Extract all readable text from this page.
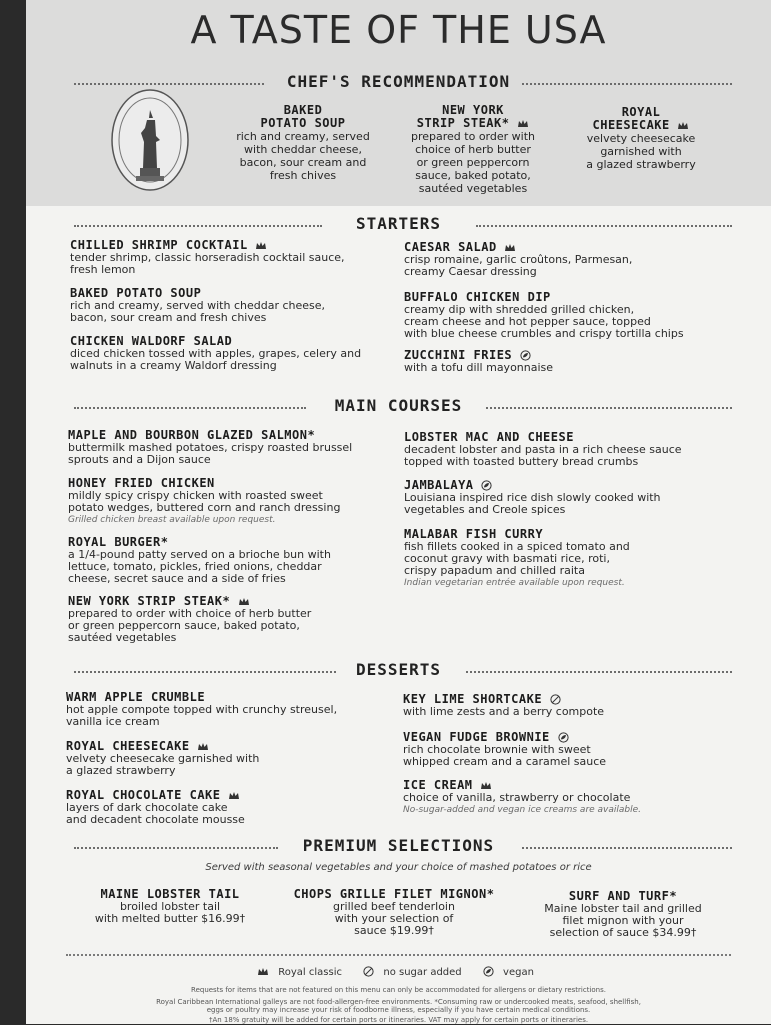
A TASTE OF THE USA
CHEF'S RECOMMENDATION
BAKED
POTATO SOUP
rich and creamy, served
with cheddar cheese,
bacon, sour cream and
fresh chives
NEW YORK
STRIP STEAK*
prepared to order with
choice of herb butter
or green peppercorn
sauce, baked potato,
sautéed vegetables
ROYAL
CHEESECAKE
velvety cheesecake
garnished with
a glazed strawberry
STARTERS
CHILLED SHRIMP COCKTAIL
tender shrimp, classic horseradish cocktail sauce,
fresh lemon
BAKED POTATO SOUP
rich and creamy, served with cheddar cheese,
bacon, sour cream and fresh chives
CHICKEN WALDORF SALAD
diced chicken tossed with apples, grapes, celery and
walnuts in a creamy Waldorf dressing
CAESAR SALAD
crisp romaine, garlic croûtons, Parmesan,
creamy Caesar dressing
BUFFALO CHICKEN DIP
creamy dip with shredded grilled chicken,
cream cheese and hot pepper sauce, topped
with blue cheese crumbles and crispy tortilla chips
ZUCCHINI FRIES
with a tofu dill mayonnaise
MAIN COURSES
MAPLE AND BOURBON GLAZED SALMON*
buttermilk mashed potatoes, crispy roasted brussel
sprouts and a Dijon sauce
HONEY FRIED CHICKEN
mildly spicy crispy chicken with roasted sweet
potato wedges, buttered corn and ranch dressing
Grilled chicken breast available upon request.
ROYAL BURGER*
a 1/4-pound patty served on a brioche bun with
lettuce, tomato, pickles, fried onions, cheddar
cheese, secret sauce and a side of fries
NEW YORK STRIP STEAK*
prepared to order with choice of herb butter
or green peppercorn sauce, baked potato,
sautéed vegetables
LOBSTER MAC AND CHEESE
decadent lobster and pasta in a rich cheese sauce
topped with toasted buttery bread crumbs
JAMBALAYA
Louisiana inspired rice dish slowly cooked with
vegetables and Creole spices
MALABAR FISH CURRY
fish fillets cooked in a spiced tomato and
coconut gravy with basmati rice, roti,
crispy papadum and chilled raita
Indian vegetarian entrée available upon request.
DESSERTS
WARM APPLE CRUMBLE
hot apple compote topped with crunchy streusel,
vanilla ice cream
ROYAL CHEESECAKE
velvety cheesecake garnished with
a glazed strawberry
ROYAL CHOCOLATE CAKE
layers of dark chocolate cake
and decadent chocolate mousse
KEY LIME SHORTCAKE
with lime zests and a berry compote
VEGAN FUDGE BROWNIE
rich chocolate brownie with sweet
whipped cream and a caramel sauce
ICE CREAM
choice of vanilla, strawberry or chocolate
No-sugar-added and vegan ice creams are available.
PREMIUM SELECTIONS
Served with seasonal vegetables and your choice of mashed potatoes or rice
MAINE LOBSTER TAIL
broiled lobster tail
with melted butter $16.99†
CHOPS GRILLE FILET MIGNON*
grilled beef tenderloin
with your selection of
sauce $19.99†
SURF AND TURF*
Maine lobster tail and grilled
filet mignon with your
selection of sauce $34.99†
Royal classic	no sugar added	vegan
Requests for items that are not featured on this menu can only be accommodated for allergens or dietary restrictions.
Royal Caribbean International galleys are not food-allergen-free environments. *Consuming raw or undercooked meats, seafood, shellfish,
eggs or poultry may increase your risk of foodborne illness, especially if you have certain medical conditions.
†An 18% gratuity will be added for certain ports or itineraries. VAT may apply for certain ports or itineraries.
